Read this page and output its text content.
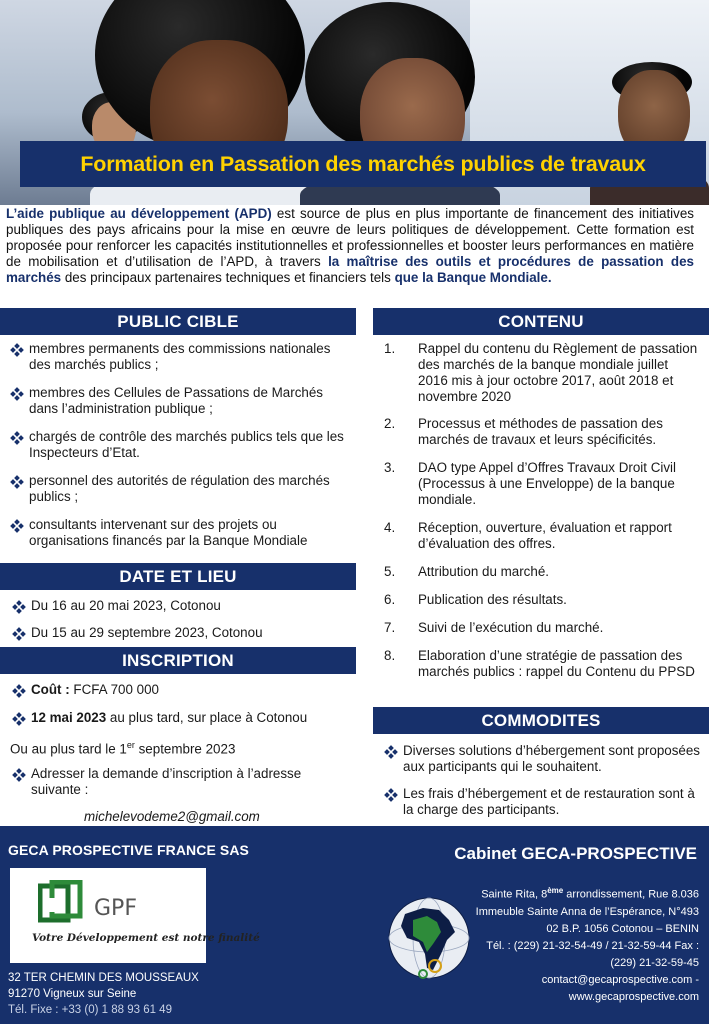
Formation en Passation des marchés publics de travaux

L’aide publique au développement (APD) est source de plus en plus importante de financement des initiatives publiques des pays africains pour la mise en œuvre de leurs politiques de développement. Cette formation est proposée pour renforcer les capacités institutionnelles et professionnelles et booster leurs performances en matière de mobilisation et d’utilisation de l’APD, à travers la maîtrise des outils et procédures de passation des marchés des principaux partenaires techniques et financiers tels que la Banque Mondiale.

PUBLIC CIBLE
membres permanents des commissions nationales des marchés publics ;
membres des Cellules de Passations de Marchés dans l’administration publique ;
chargés de contrôle des marchés publics tels que les Inspecteurs d’Etat.
personnel des autorités de régulation des marchés publics ;
consultants intervenant sur des projets ou organisations financés par la Banque Mondiale
DATE ET LIEU
Du 16 au 20 mai 2023, Cotonou
Du 15 au 29 septembre 2023, Cotonou
INSCRIPTION
Coût : FCFA 700 000
12 mai 2023 au plus tard, sur place à Cotonou
Ou au plus tard le 1er septembre 2023
Adresser la demande d’inscription à l’adresse suivante :
michelevodeme2@gmail.com
CONTENU
1. Rappel du contenu du Règlement de passation des marchés de la banque mondiale juillet 2016 mis à jour octobre 2017, août 2018 et novembre 2020
2. Processus et méthodes de passation des marchés de travaux et leurs spécificités.
3. DAO type Appel d’Offres Travaux Droit Civil (Processus à une Enveloppe) de la banque mondiale.
4. Réception, ouverture, évaluation et rapport d’évaluation des offres.
5. Attribution du marché.
6. Publication des résultats.
7. Suivi de l’exécution du marché.
8. Elaboration d’une stratégie de passation des marchés publics : rappel du Contenu du PPSD
COMMODITES
Diverses solutions d’hébergement sont proposées aux participants qui le souhaitent.
Les frais d’hébergement et de restauration sont à la charge des participants.
GECA PROSPECTIVE FRANCE SAS
GPF
Votre Développement est notre finalité
32 TER CHEMIN DES MOUSSEAUX
91270 Vigneux sur Seine
Tél. Fixe : +33 (0) 1 88 93 61 49
Cabinet GECA-PROSPECTIVE
Sainte Rita, 8ème arrondissement, Rue 8.036
Immeuble Sainte Anna de l’Espérance, N°493
02 B.P. 1056 Cotonou – BENIN
Tél. : (229) 21-32-54-49 / 21-32-59-44 Fax :
(229) 21-32-59-45
contact@gecaprospective.com -
www.gecaprospective.com
